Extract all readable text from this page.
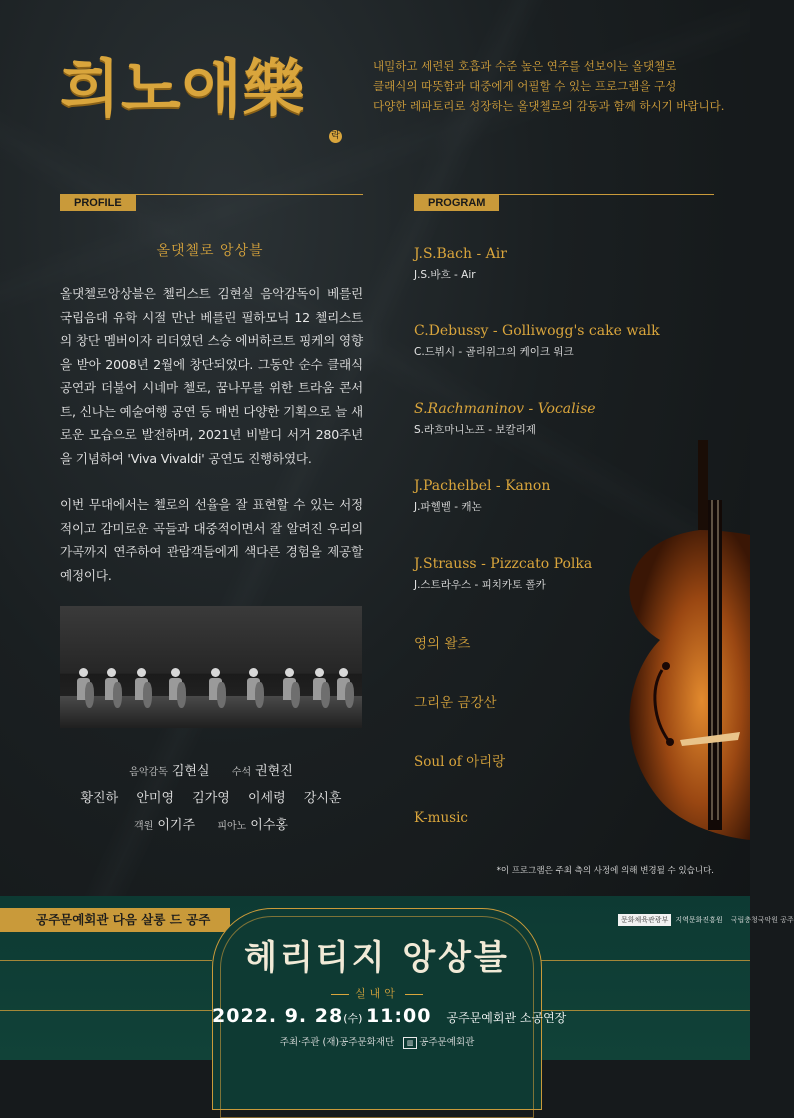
희노애樂
락
내밀하고 세련된 호흡과 수준 높은 연주를 선보이는 올댓첼로
클래식의 따뜻함과 대중에게 어필할 수 있는 프로그램을 구성
다양한 레파토리로 성장하는 올댓첼로의 감동과 함께 하시기 바랍니다.
PROFILE	PROGRAM
올댓첼로 앙상블

올댓첼로앙상블은 첼리스트 김현실 음악감독이 베를린 국립음대 유학 시절 만난 베를린 필하모닉 12 첼리스트의 창단 멤버이자 리더였던 스승 에버하르트 핑케의 영향을 받아 2008년 2월에 창단되었다. 그동안 순수 클래식 공연과 더불어 시네마 첼로, 꿈나무를 위한 트라움 콘서트, 신나는 예술여행 공연 등 매번 다양한 기획으로 늘 새로운 모습으로 발전하며, 2021년 비발디 서거 280주년을 기념하여 'Viva Vivaldi' 공연도 진행하였다.

이번 무대에서는 첼로의 선율을 잘 표현할 수 있는 서정적이고 감미로운 곡들과 대중적이면서 잘 알려진 우리의 가곡까지 연주하여 관람객들에게 색다른 경험을 제공할 예정이다.

음악감독 김현실 수석 권현진
황진하 안미영 김가영 이세령 강시훈
객원 이기주 피아노 이수홍
J.S.Bach - Air
J.S.바흐 - Air
C.Debussy - Golliwogg's cake walk
C.드뷔시 - 골리위그의 케이크 워크
S.Rachmaninov - Vocalise
S.라흐마니노프 - 보칼리제
J.Pachelbel - Kanon
J.파헬벨 - 캐논
J.Strauss - Pizzcato Polka
J.스트라우스 - 피치카토 폴카
영의 왈츠
그리운 금강산
Soul of 아리랑
K-music
*이 프로그램은 주최 측의 사정에 의해 변경될 수 있습니다.
공주문예회관 다음 살롱 드 공주	문화체육관광부 지역문화진흥원 국립충청국악원 공주
헤리티지 앙상블
실내악
2022. 9. 28(수) 11:00 공주문예회관 소공연장
주최·주관 (재)공주문화재단 ▥ 공주문예회관
